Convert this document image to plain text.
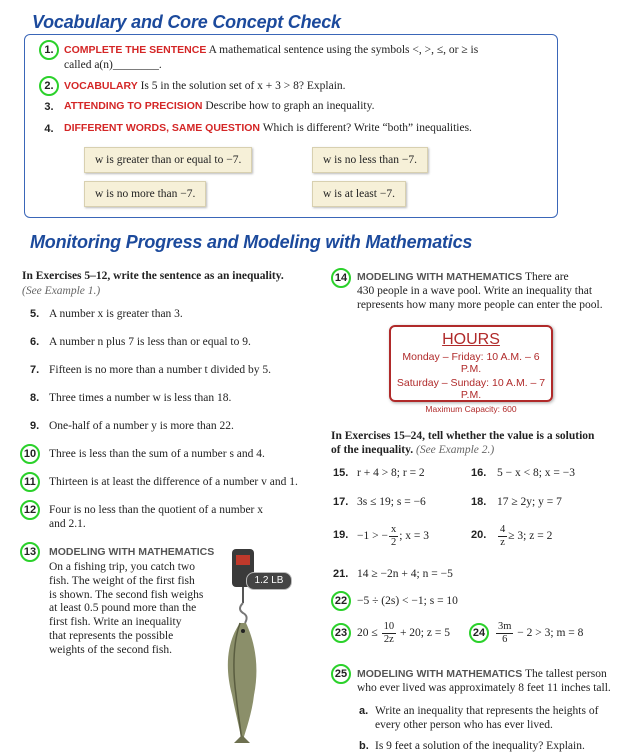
Vocabulary and Core Concept Check
1. COMPLETE THE SENTENCE A mathematical sentence using the symbols <, >, ≤, or ≥ is
called a(n)________.
2. VOCABULARY Is 5 in the solution set of x + 3 > 8? Explain.
3. ATTENDING TO PRECISION Describe how to graph an inequality.
4. DIFFERENT WORDS, SAME QUESTION Which is different? Write “both” inequalities.
w is greater than or equal to −7.	w is no less than −7.
w is no more than −7.	w is at least −7.
Monitoring Progress and Modeling with Mathematics
In Exercises 5–12, write the sentence as an inequality.
(See Example 1.)
5. A number x is greater than 3.
6. A number n plus 7 is less than or equal to 9.
7. Fifteen is no more than a number t divided by 5.
8. Three times a number w is less than 18.
9. One-half of a number y is more than 22.
10	Three is less than the sum of a number s and 4.
11	Thirteen is at least the difference of a number v and 1.
12	Four is no less than the quotient of a number x
and 2.1.
13	MODELING WITH MATHEMATICS
On a fishing trip, you catch two
fish. The weight of the first fish
is shown. The second fish weighs
at least 0.5 pound more than the
first fish. Write an inequality
that represents the possible
weights of the second fish.
1.2 LB
14 MODELING WITH MATHEMATICS There are
430 people in a wave pool. Write an inequality that
represents how many more people can enter the pool.
HOURS
Monday – Friday: 10 A.M. – 6 P.M.
Saturday – Sunday: 10 A.M. – 7 P.M.
Maximum Capacity: 600
In Exercises 15–24, tell whether the value is a solution
of the inequality. (See Example 2.)
15. r + 4 > 8; r = 2	16. 5 − x < 8; x = −3
17. 3s ≤ 19; s = −6	18. 17 ≥ 2y; y = 7
19. −1 > − $\frac{x}{2}$ ; x = 3	20. $\frac{4}{z} \ge 3$; z = 2
21. 14 ≥ −2n + 4; n = −5
22 −5 ÷ (2s) < −1; s = 10
23 $20 \le \frac{10}{2z} + 20$; z = 5	24	$\frac{3m}{6} - 2 > 3$; m = 8
25 MODELING WITH MATHEMATICS The tallest person
who ever lived was approximately 8 feet 11 inches tall.
a. Write an inequality that represents the heights of
every other person who has ever lived.
b. Is 9 feet a solution of the inequality? Explain.
